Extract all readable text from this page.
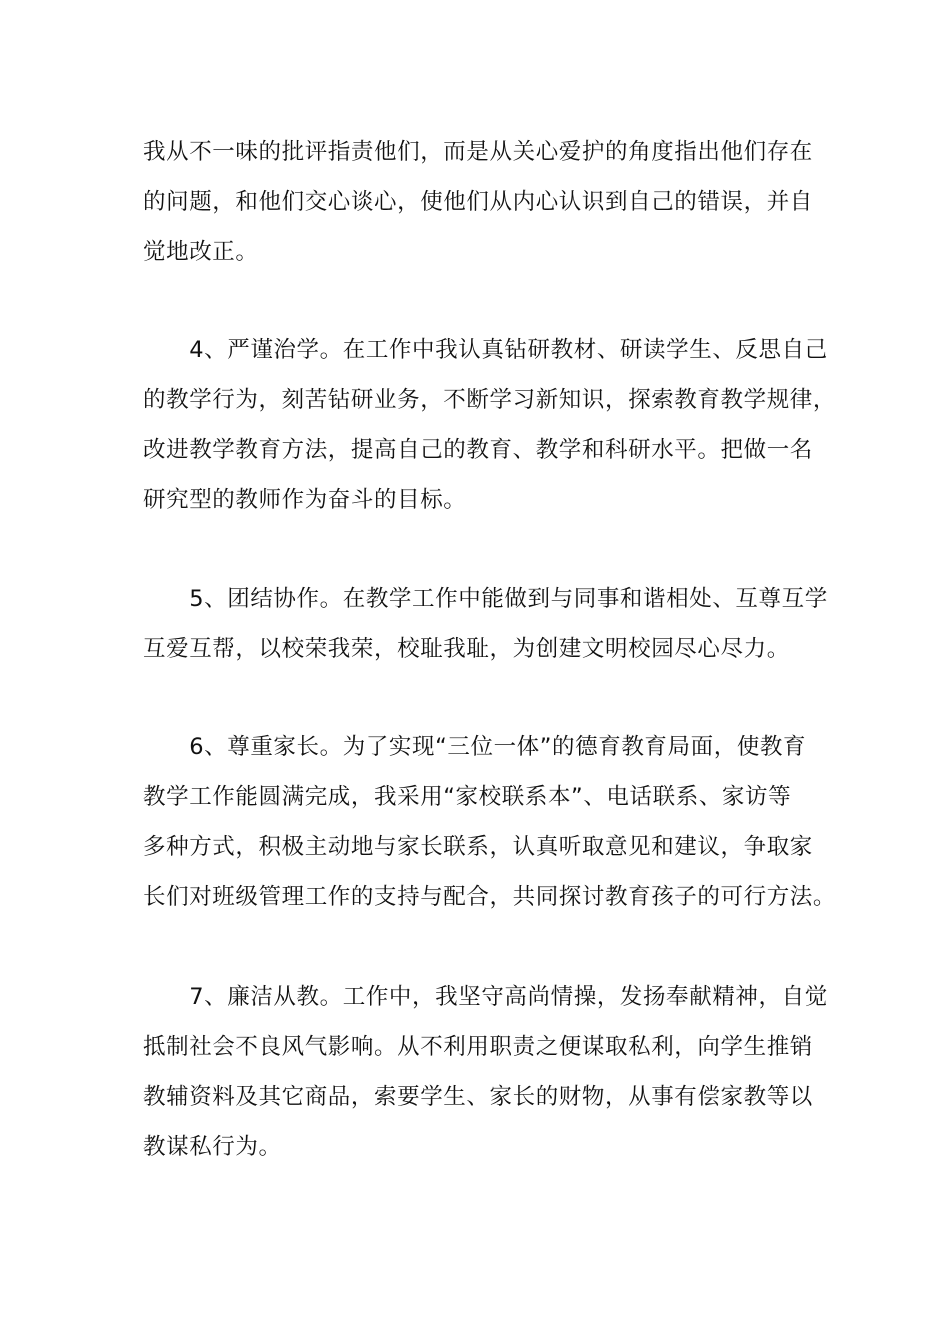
我从不一味的批评指责他们，而是从关心爱护的角度指出他们存在
的问题，和他们交心谈心，使他们从内心认识到自己的错误，并自
觉地改正。
　　4、严谨治学。在工作中我认真钻研教材、研读学生、反思自己
的教学行为，刻苦钻研业务，不断学习新知识，探索教育教学规律，
改进教学教育方法，提高自己的教育、教学和科研水平。把做一名
研究型的教师作为奋斗的目标。
　　5、团结协作。在教学工作中能做到与同事和谐相处、互尊互学
互爱互帮，以校荣我荣，校耻我耻，为创建文明校园尽心尽力。
　　6、尊重家长。为了实现“三位一体”的德育教育局面，使教育
教学工作能圆满完成，我采用“家校联系本”、电话联系、家访等
多种方式，积极主动地与家长联系，认真听取意见和建议，争取家
长们对班级管理工作的支持与配合，共同探讨教育孩子的可行方法。
　　7、廉洁从教。工作中，我坚守高尚情操，发扬奉献精神，自觉
抵制社会不良风气影响。从不利用职责之便谋取私利，向学生推销
教辅资料及其它商品，索要学生、家长的财物，从事有偿家教等以
教谋私行为。
